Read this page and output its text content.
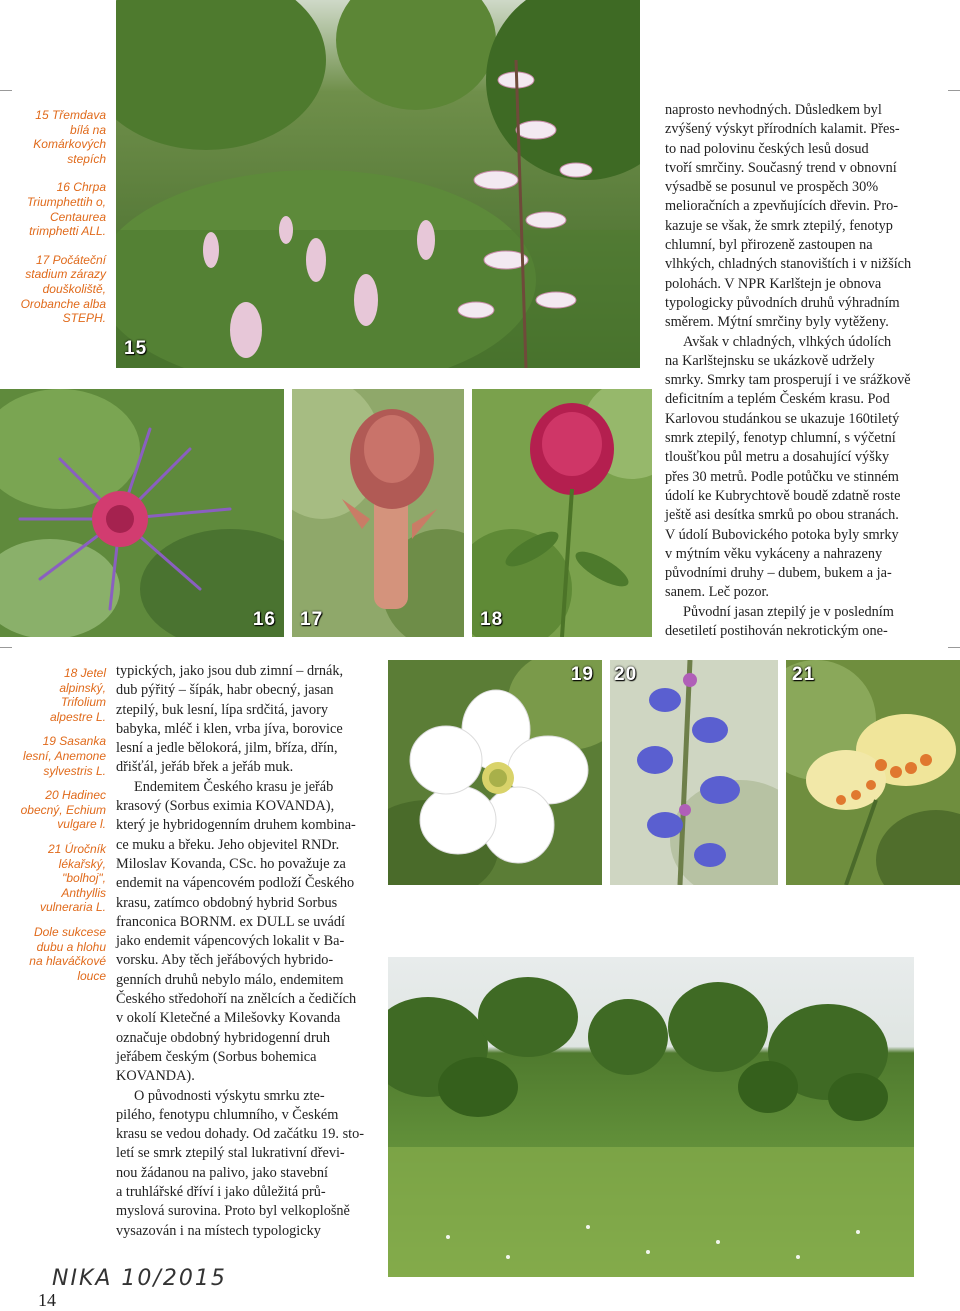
15 Třemdava bílá na Komárkových stepích

16 Chrpa Triumphettih o, Centaurea trimphetti ALL.

17 Počáteční stadium zárazy douškoliště, Orobanche alba STEPH.

15

naprosto nevhodných. Důsledkem byl

zvýšený výskyt přírodních kalamit. Přes-

to nad polovinu českých lesů dosud

tvoří smrčiny. Současný trend v obnovní

výsadbě se posunul ve prospěch 30%

melioračních a zpevňujících dřevin. Pro-

kazuje se však, že smrk ztepilý, fenotyp

chlumní, byl přirozeně zastoupen na

vlhkých, chladných stanovištích i v nižších

polohách. V NPR Karlštejn je obnova

typologicky původních druhů výhradním

směrem. Mýtní smrčiny byly vytěženy.

Avšak v chladných, vlhkých údolích

na Karlštejnsku se ukázkově udržely

smrky. Smrky tam prosperují i ve srážkově

deficitním a teplém Českém krasu. Pod

Karlovou studánkou se ukazuje 160tiletý

smrk ztepilý, fenotyp chlumní, s výčetní

tloušťkou půl metru a dosahující výšky

přes 30 metrů. Podle potůčku ve stinném

údolí ke Kubrychtově boudě zdatně roste

ještě asi desítka smrků po obou stranách.

V údolí Bubovického potoka byly smrky

v mýtním věku vykáceny a nahrazeny

původními druhy – dubem, bukem a ja-

sanem. Leč pozor.

Původní jasan ztepilý je v posledním

desetiletí postihován nekrotickým one-

16 17	18

18 Jetel alpinský, Trifolium alpestre L.

19 Sasanka lesní, Anemone sylvestris L.

20 Hadinec obecný, Echium vulgare l.

21 Úročník lékařský, "bolhoj", Anthyllis vulneraria L.

Dole sukcese dubu a hlohu na hlaváčkové louce

typických, jako jsou dub zimní – drnák,

dub pýřitý – šípák, habr obecný, jasan

ztepilý, buk lesní, lípa srdčitá, javory

babyka, mléč i klen, vrba jíva, borovice

lesní a jedle bělokorá, jilm, bříza, dřín,

dřišťál, jeřáb břek a jeřáb muk.

Endemitem Českého krasu je jeřáb

krasový (Sorbus eximia KOVANDA),

který je hybridogenním druhem kombina-

ce muku a břeku. Jeho objevitel RNDr.

Miloslav Kovanda, CSc. ho považuje za

endemit na vápencovém podloží Českého

krasu, zatímco obdobný hybrid Sorbus

franconica BORNM. ex DULL se uvádí

jako endemit vápencových lokalit v Ba-

vorsku. Aby těch jeřábových hybrido-

genních druhů nebylo málo, endemitem

Českého středohoří na znělcích a čedičích

v okolí Kletečné a Milešovky Kovanda

označuje obdobný hybridogenní druh

jeřábem českým (Sorbus bohemica

KOVANDA).

O původnosti výskytu smrku zte-

pilého, fenotypu chlumního, v Českém

krasu se vedou dohady. Od začátku 19. sto-

letí se smrk ztepilý stal lukrativní dřevi-

nou žádanou na palivo, jako stavební

a truhlářské dříví i jako důležitá prů-

myslová surovina. Proto byl velkoplošně

vysazován i na místech typologicky

19 20	21
NIKA 10/2015
14
